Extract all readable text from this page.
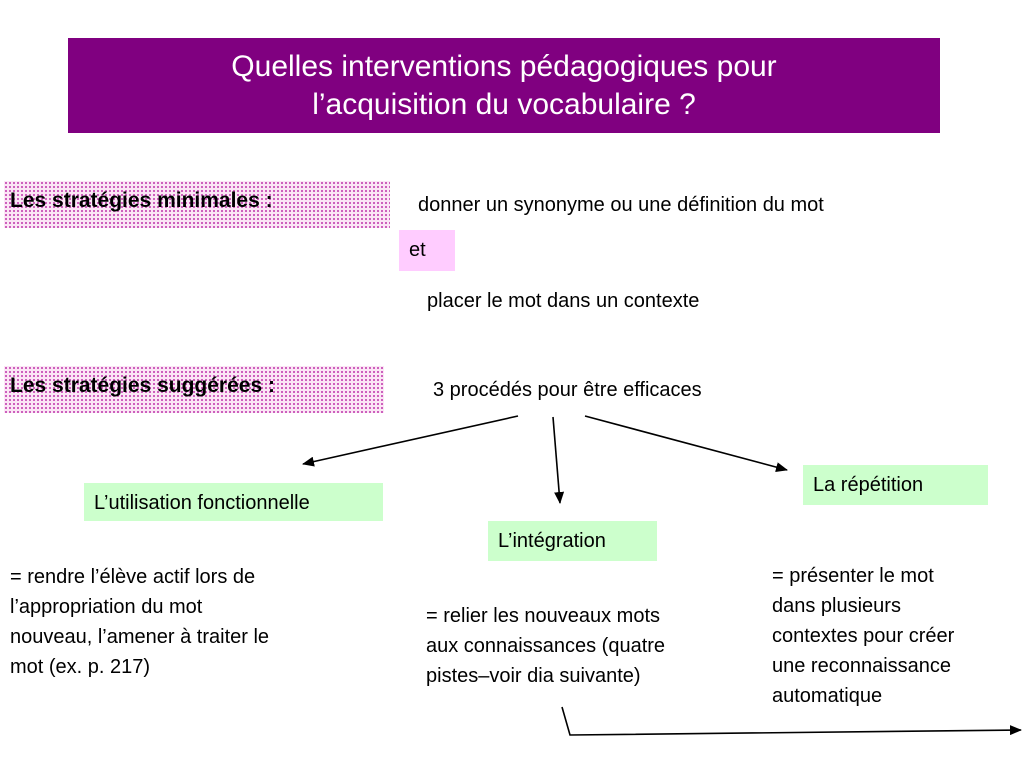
Quelles interventions pédagogiques pour
l’acquisition du vocabulaire ?
Les stratégies minimales :	donner un synonyme ou une définition du mot
et
placer le mot dans un contexte
Les stratégies suggérées :	3 procédés pour être efficaces
L’utilisation fonctionnelle
= rendre l’élève actif lors de
l’appropriation du mot
nouveau, l’amener à traiter le
mot (ex. p. 217)
L’intégration
= relier les nouveaux mots
aux connaissances (quatre
pistes–voir dia suivante)
La répétition
= présenter le mot
dans plusieurs
contextes pour créer
une reconnaissance
automatique
